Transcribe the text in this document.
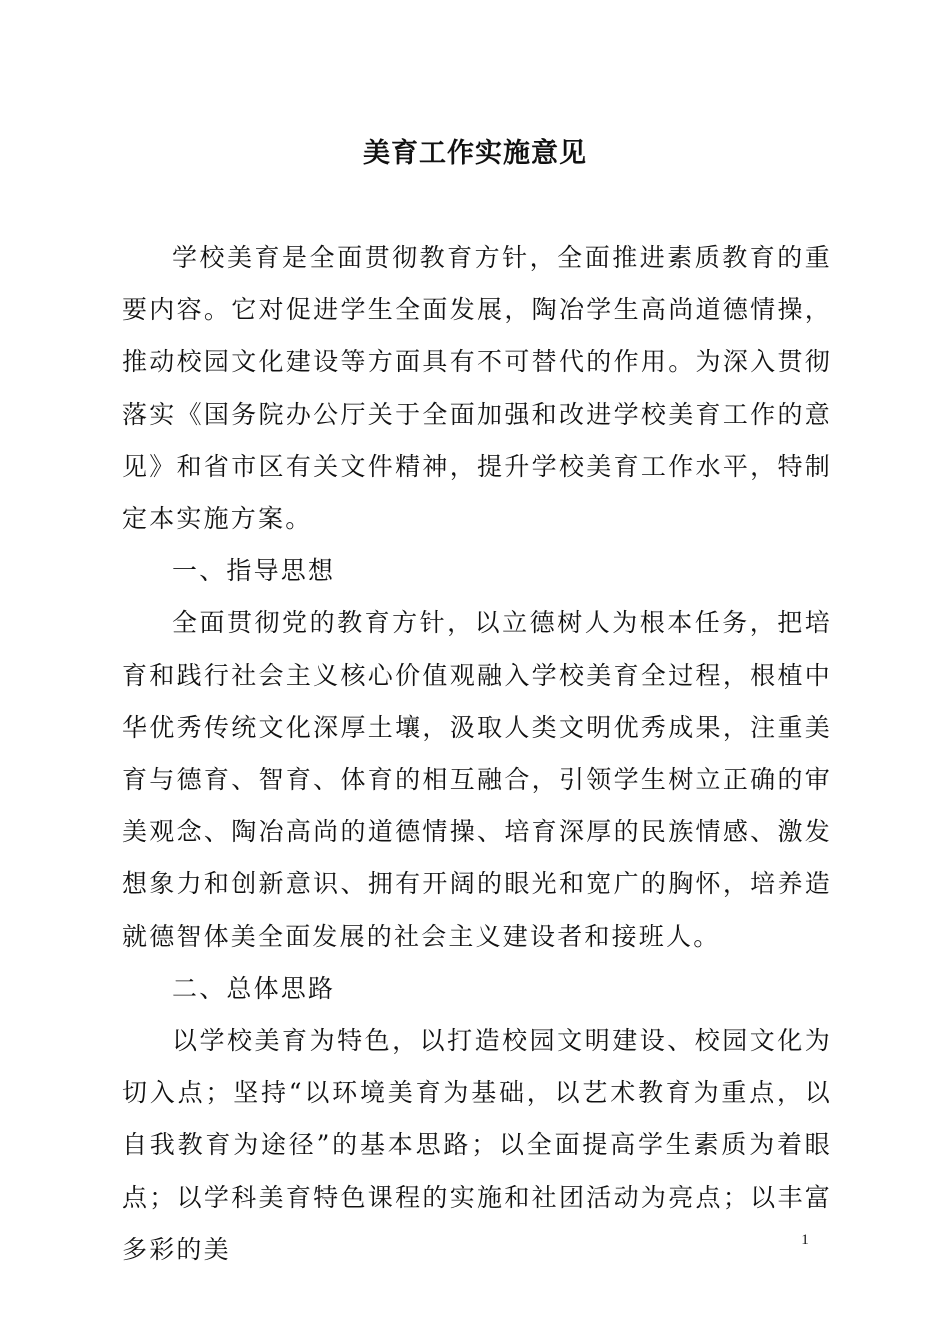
美育工作实施意见

学校美育是全面贯彻教育方针，全面推进素质教育的重要内容。它对促进学生全面发展，陶冶学生高尚道德情操，推动校园文化建设等方面具有不可替代的作用。为深入贯彻落实《国务院办公厅关于全面加强和改进学校美育工作的意见》和省市区有关文件精神，提升学校美育工作水平，特制定本实施方案。

一、指导思想

全面贯彻党的教育方针，以立德树人为根本任务，把培育和践行社会主义核心价值观融入学校美育全过程，根植中华优秀传统文化深厚土壤，汲取人类文明优秀成果，注重美育与德育、智育、体育的相互融合，引领学生树立正确的审美观念、陶冶高尚的道德情操、培育深厚的民族情感、激发想象力和创新意识、拥有开阔的眼光和宽广的胸怀，培养造就德智体美全面发展的社会主义建设者和接班人。

二、总体思路

以学校美育为特色，以打造校园文明建设、校园文化为切入点；坚持“以环境美育为基础，以艺术教育为重点，以自我教育为途径”的基本思路；以全面提高学生素质为着眼点；以学科美育特色课程的实施和社团活动为亮点；以丰富多彩的美	1
